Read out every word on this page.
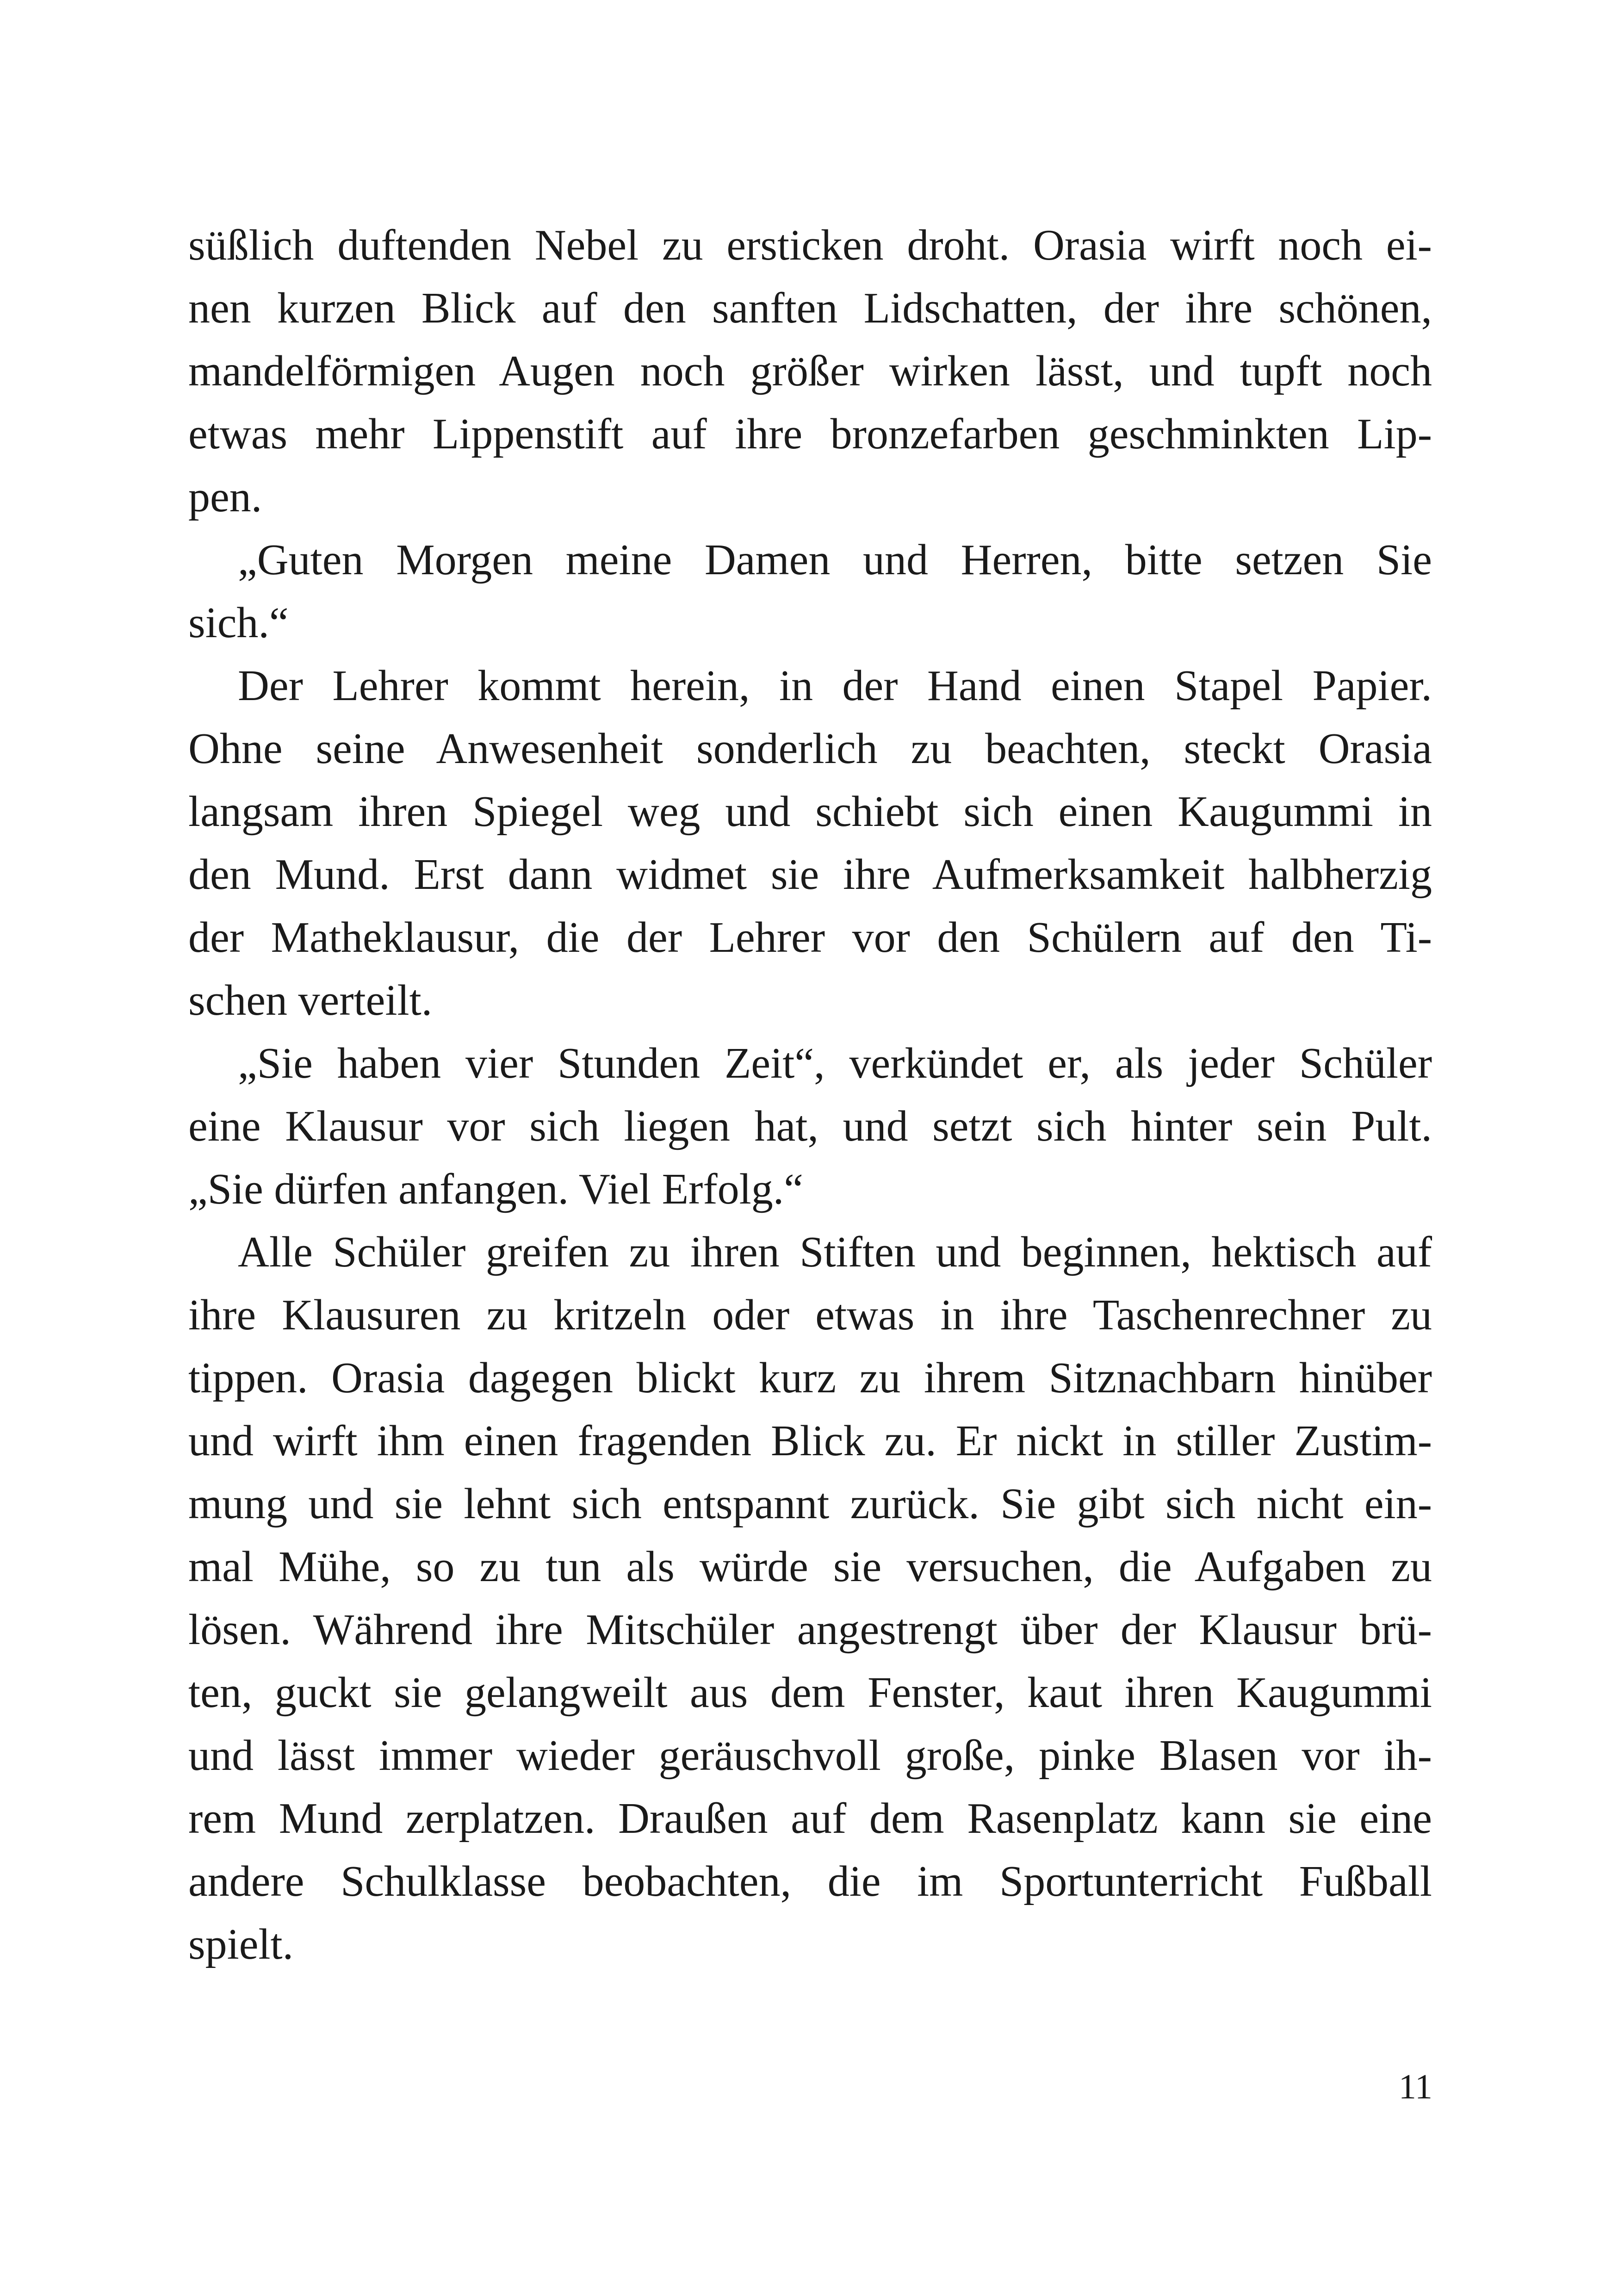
süßlich duftenden Nebel zu ersticken droht. Orasia wirft noch ei-
nen kurzen Blick auf den sanften Lidschatten, der ihre schönen,
mandelförmigen Augen noch größer wirken lässt, und tupft noch
etwas mehr Lippenstift auf ihre bronzefarben geschminkten Lip-
pen.
„Guten Morgen meine Damen und Herren, bitte setzen Sie
sich.“
Der Lehrer kommt herein, in der Hand einen Stapel Papier.
Ohne seine Anwesenheit sonderlich zu beachten, steckt Orasia
langsam ihren Spiegel weg und schiebt sich einen Kaugummi in
den Mund. Erst dann widmet sie ihre Aufmerksamkeit halbherzig
der Matheklausur, die der Lehrer vor den Schülern auf den Ti-
schen verteilt.
„Sie haben vier Stunden Zeit“, verkündet er, als jeder Schüler
eine Klausur vor sich liegen hat, und setzt sich hinter sein Pult.
„Sie dürfen anfangen. Viel Erfolg.“
Alle Schüler greifen zu ihren Stiften und beginnen, hektisch auf
ihre Klausuren zu kritzeln oder etwas in ihre Taschenrechner zu
tippen. Orasia dagegen blickt kurz zu ihrem Sitznachbarn hinüber
und wirft ihm einen fragenden Blick zu. Er nickt in stiller Zustim-
mung und sie lehnt sich entspannt zurück. Sie gibt sich nicht ein-
mal Mühe, so zu tun als würde sie versuchen, die Aufgaben zu
lösen. Während ihre Mitschüler angestrengt über der Klausur brü-
ten, guckt sie gelangweilt aus dem Fenster, kaut ihren Kaugummi
und lässt immer wieder geräuschvoll große, pinke Blasen vor ih-
rem Mund zerplatzen. Draußen auf dem Rasenplatz kann sie eine
andere Schulklasse beobachten, die im Sportunterricht Fußball
spielt.
11
